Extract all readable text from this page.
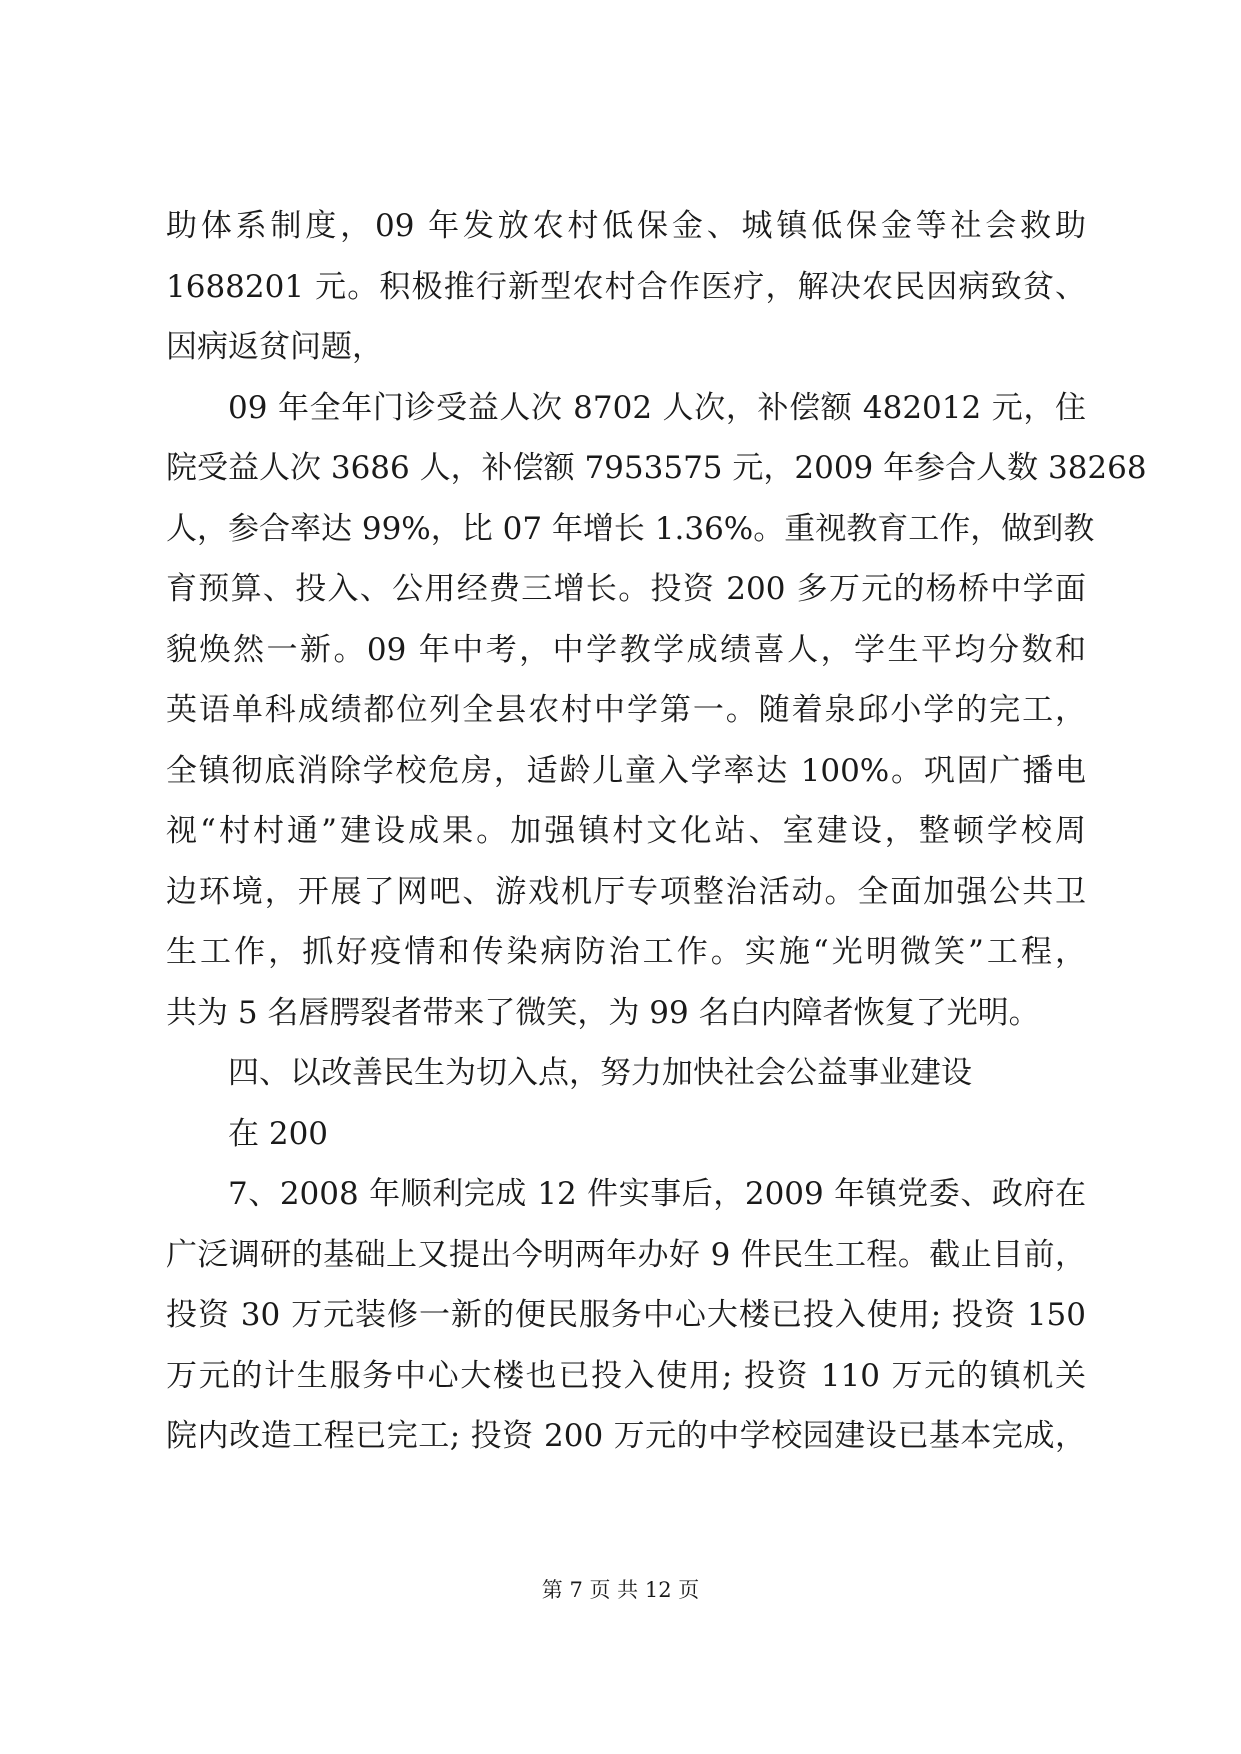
助体系制度，09 年发放农村低保金、城镇低保金等社会救助
1688201 元。积极推行新型农村合作医疗，解决农民因病致贫、
因病返贫问题，
09 年全年门诊受益人次 8702 人次，补偿额 482012 元，住
院受益人次 3686 人，补偿额 7953575 元，2009 年参合人数 38268
人，参合率达 99%，比 07 年增长 1.36%。重视教育工作，做到教
育预算、投入、公用经费三增长。投资 200 多万元的杨桥中学面
貌焕然一新。09 年中考，中学教学成绩喜人，学生平均分数和
英语单科成绩都位列全县农村中学第一。随着泉邱小学的完工，
全镇彻底消除学校危房，适龄儿童入学率达 100%。巩固广播电
视“村村通”建设成果。加强镇村文化站、室建设，整顿学校周
边环境，开展了网吧、游戏机厅专项整治活动。全面加强公共卫
生工作，抓好疫情和传染病防治工作。实施“光明微笑”工程，
共为 5 名唇腭裂者带来了微笑，为 99 名白内障者恢复了光明。
四、以改善民生为切入点，努力加快社会公益事业建设
在 200
7、2008 年顺利完成 12 件实事后，2009 年镇党委、政府在
广泛调研的基础上又提出今明两年办好 9 件民生工程。截止目前，
投资 30 万元装修一新的便民服务中心大楼已投入使用; 投资 150
万元的计生服务中心大楼也已投入使用; 投资 110 万元的镇机关
院内改造工程已完工; 投资 200 万元的中学校园建设已基本完成，
第 7 页 共 12 页
